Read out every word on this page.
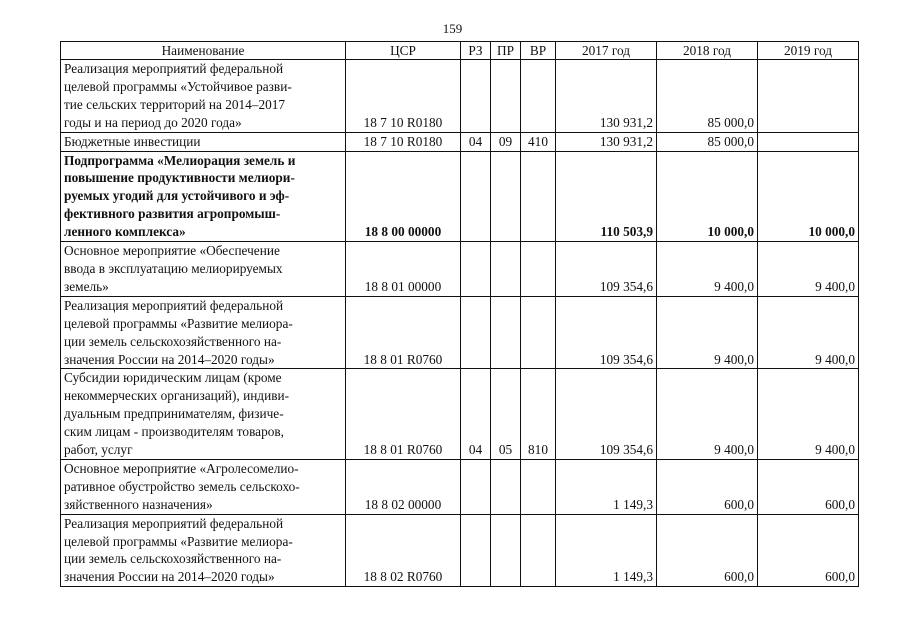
159
Наименование	ЦСР	РЗ	ПР	ВР	2017 год	2018 год	2019 год

Реализация мероприятий федеральной
целевой программы «Устойчивое разви-
тие сельских территорий на 2014–2017
годы и на период до 2020 года»	18 7 10 R0180				130 931,2	85 000,0	

Бюджетные инвестиции	18 7 10 R0180	04	09	410	130 931,2	85 000,0	

Подпрограмма «Мелиорация земель и
повышение продуктивности мелиори-
руемых угодий для устойчивого и эф-
фективного развития агропромыш-
ленного комплекса»	18 8 00 00000				110 503,9	10 000,0	10 000,0

Основное мероприятие «Обеспечение
ввода в эксплуатацию мелиорируемых
земель»	18 8 01 00000				109 354,6	9 400,0	9 400,0

Реализация мероприятий федеральной
целевой программы «Развитие мелиора-
ции земель сельскохозяйственного на-
значения России на 2014–2020 годы»	18 8 01 R0760				109 354,6	9 400,0	9 400,0

Субсидии юридическим лицам (кроме
некоммерческих организаций), индиви-
дуальным предпринимателям, физиче-
ским лицам - производителям товаров,
работ, услуг	18 8 01 R0760	04	05	810	109 354,6	9 400,0	9 400,0

Основное мероприятие «Агролесомелио-
ративное обустройство земель сельскохо-
зяйственного назначения»	18 8 02 00000				1 149,3	600,0	600,0

Реализация мероприятий федеральной
целевой программы «Развитие мелиора-
ции земель сельскохозяйственного на-
значения России на 2014–2020 годы»	18 8 02 R0760				1 149,3	600,0	600,0
